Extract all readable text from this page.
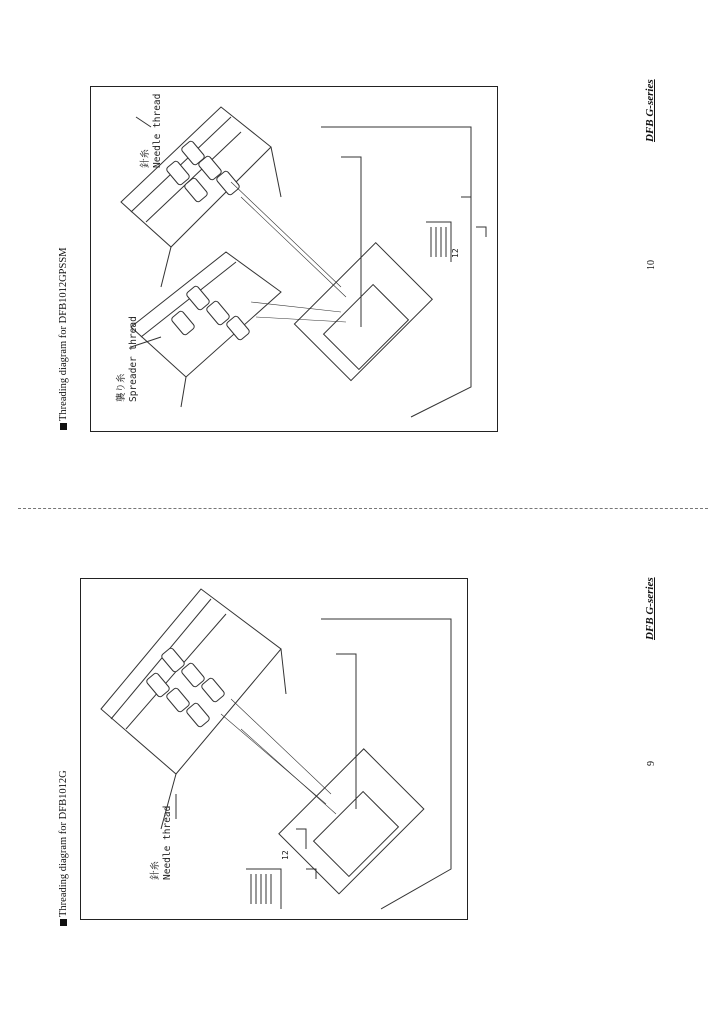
Threading diagram for DFB1012GPSSM	襲り糸 Spreader thread
針糸 Needle thread
12
DFB G-series
10
Threading diagram for DFB1012G	針糸 Needle thread	12
DFB G-series
9
